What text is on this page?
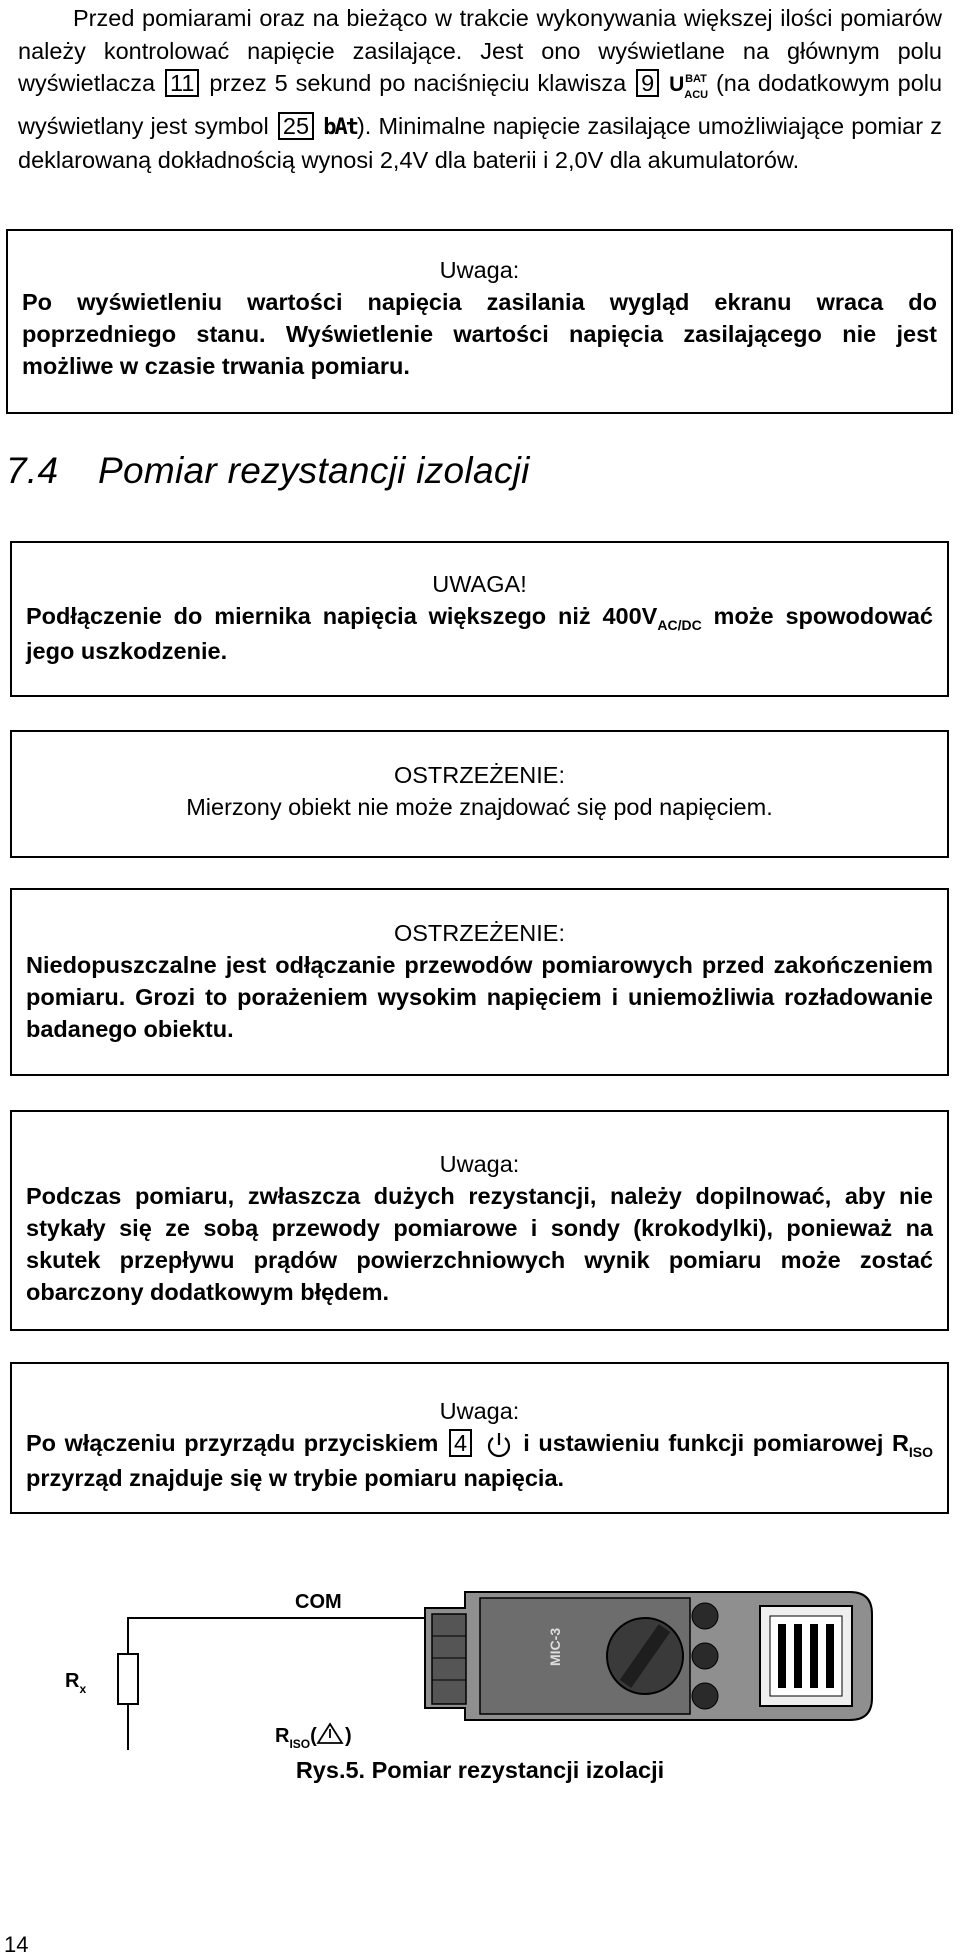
Przed pomiarami oraz na bieżąco w trakcie wykonywania większej ilości pomiarów należy kontrolować napięcie zasilające. Jest ono wyświetlane na głównym polu wyświetlacza 11 przez 5 sekund po naciśnięciu klawisza 9 U BAT
$_{ACU}$ (na dodatkowym polu wyświetlany jest symbol 25 bAt). Minimalne napięcie zasilające umożliwiające pomiar z deklarowaną dokładnością wynosi 2,4V dla baterii i 2,0V dla akumulatorów.
Uwaga:
Po wyświetleniu wartości napięcia zasilania wygląd ekranu wraca do poprzedniego stanu. Wyświetlenie wartości napięcia zasilającego nie jest możliwe w czasie trwania pomiaru.
7.4 Pomiar rezystancji izolacji
UWAGA!
Podłączenie do miernika napięcia większego niż $400V_{AC/DC}$ może spowodować jego uszkodzenie.
OSTRZEŻENIE:
Mierzony obiekt nie może znajdować się pod napięciem.
OSTRZEŻENIE:
Niedopuszczalne jest odłączanie przewodów pomiarowych przed zakończeniem pomiaru. Grozi to porażeniem wysokim napięciem i uniemożliwia rozładowanie badanego obiektu.
Uwaga:
Podczas pomiaru, zwłaszcza dużych rezystancji, należy dopilnować, aby nie stykały się ze sobą przewody pomiarowe i sondy (krokodylki), ponieważ na skutek przepływu prądów powierzchniowych wynik pomiaru może zostać obarczony dodatkowym błędem.
Uwaga:
Po włączeniu przyrządu przyciskiem 4 i ustawieniu funkcji pomiarowej $R_{ISO}$ przyrząd znajduje się w trybie pomiaru napięcia.
MIC-3
COM
$R_x$
$R_{ISO}$( )
Rys.5. Pomiar rezystancji izolacji
14
